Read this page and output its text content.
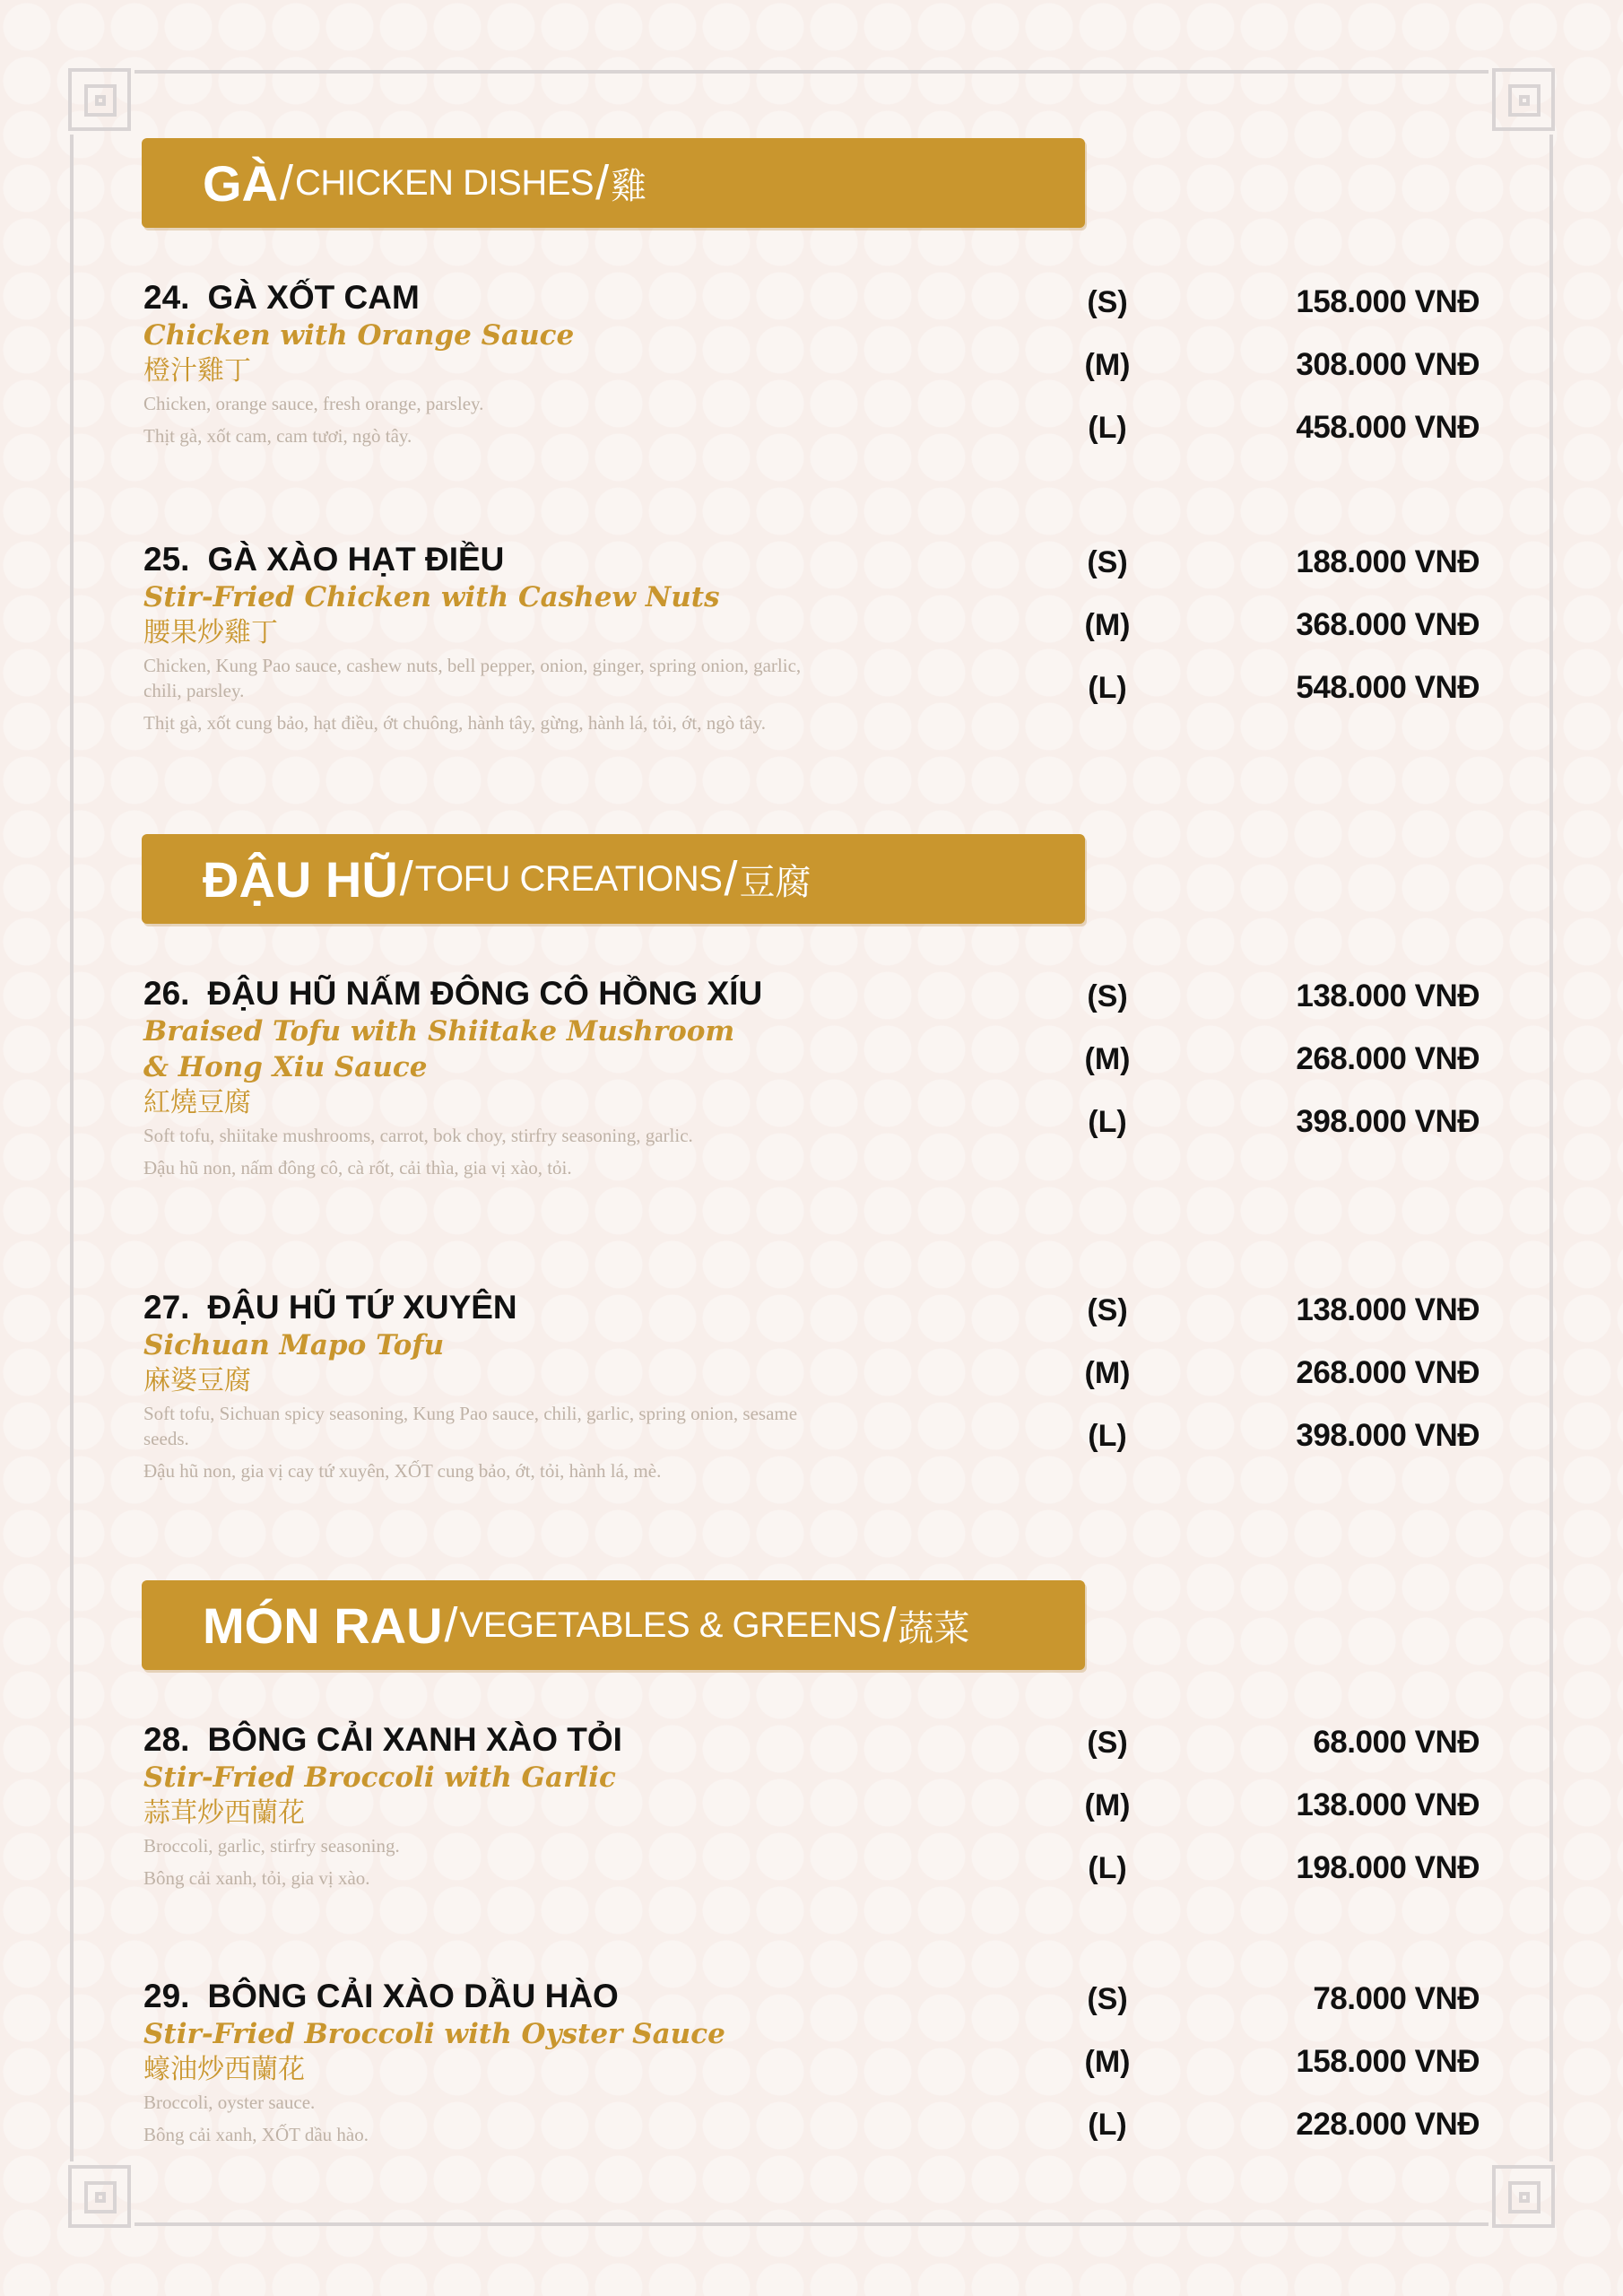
GÀ / CHICKEN DISHES / 雞
24. GÀ XỐT CAM
Chicken with Orange Sauce
橙汁雞丁
Chicken, orange sauce, fresh orange, parsley.
Thịt gà, xốt cam, cam tươi, ngò tây.
(S)	158.000 VNĐ
(M)	308.000 VNĐ
(L)	458.000 VNĐ
25. GÀ XÀO HẠT ĐIỀU
Stir-Fried Chicken with Cashew Nuts
腰果炒雞丁
Chicken, Kung Pao sauce, cashew nuts, bell pepper, onion, ginger, spring onion, garlic, chili, parsley.
Thịt gà, xốt cung bảo, hạt điều, ớt chuông, hành tây, gừng, hành lá, tỏi, ớt, ngò tây.
(S)	188.000 VNĐ
(M)	368.000 VNĐ
(L)	548.000 VNĐ
ĐẬU HŨ / TOFU CREATIONS / 豆腐
26. ĐẬU HŨ NẤM ĐÔNG CÔ HỒNG XÍU
Braised Tofu with Shiitake Mushroom
& Hong Xiu Sauce
紅燒豆腐
Soft tofu, shiitake mushrooms, carrot, bok choy, stirfry seasoning, garlic.
Đậu hũ non, nấm đông cô, cà rốt, cải thìa, gia vị xào, tỏi.
(S)	138.000 VNĐ
(M)	268.000 VNĐ
(L)	398.000 VNĐ
27. ĐẬU HŨ TỨ XUYÊN
Sichuan Mapo Tofu
麻婆豆腐
Soft tofu, Sichuan spicy seasoning, Kung Pao sauce, chili, garlic, spring onion, sesame seeds.
Đậu hũ non, gia vị cay tứ xuyên, XỐT cung bảo, ớt, tỏi, hành lá, mè.
(S)	138.000 VNĐ
(M)	268.000 VNĐ
(L)	398.000 VNĐ
MÓN RAU / VEGETABLES & GREENS / 蔬菜
28. BÔNG CẢI XANH XÀO TỎI
Stir-Fried Broccoli with Garlic
蒜茸炒西蘭花
Broccoli, garlic, stirfry seasoning.
Bông cải xanh, tỏi, gia vị xào.
(S)	68.000 VNĐ
(M)	138.000 VNĐ
(L)	198.000 VNĐ
29. BÔNG CẢI XÀO DẦU HÀO
Stir-Fried Broccoli with Oyster Sauce
蠔油炒西蘭花
Broccoli, oyster sauce.
Bông cải xanh, XỐT dầu hào.
(S)	78.000 VNĐ
(M)	158.000 VNĐ
(L)	228.000 VNĐ
